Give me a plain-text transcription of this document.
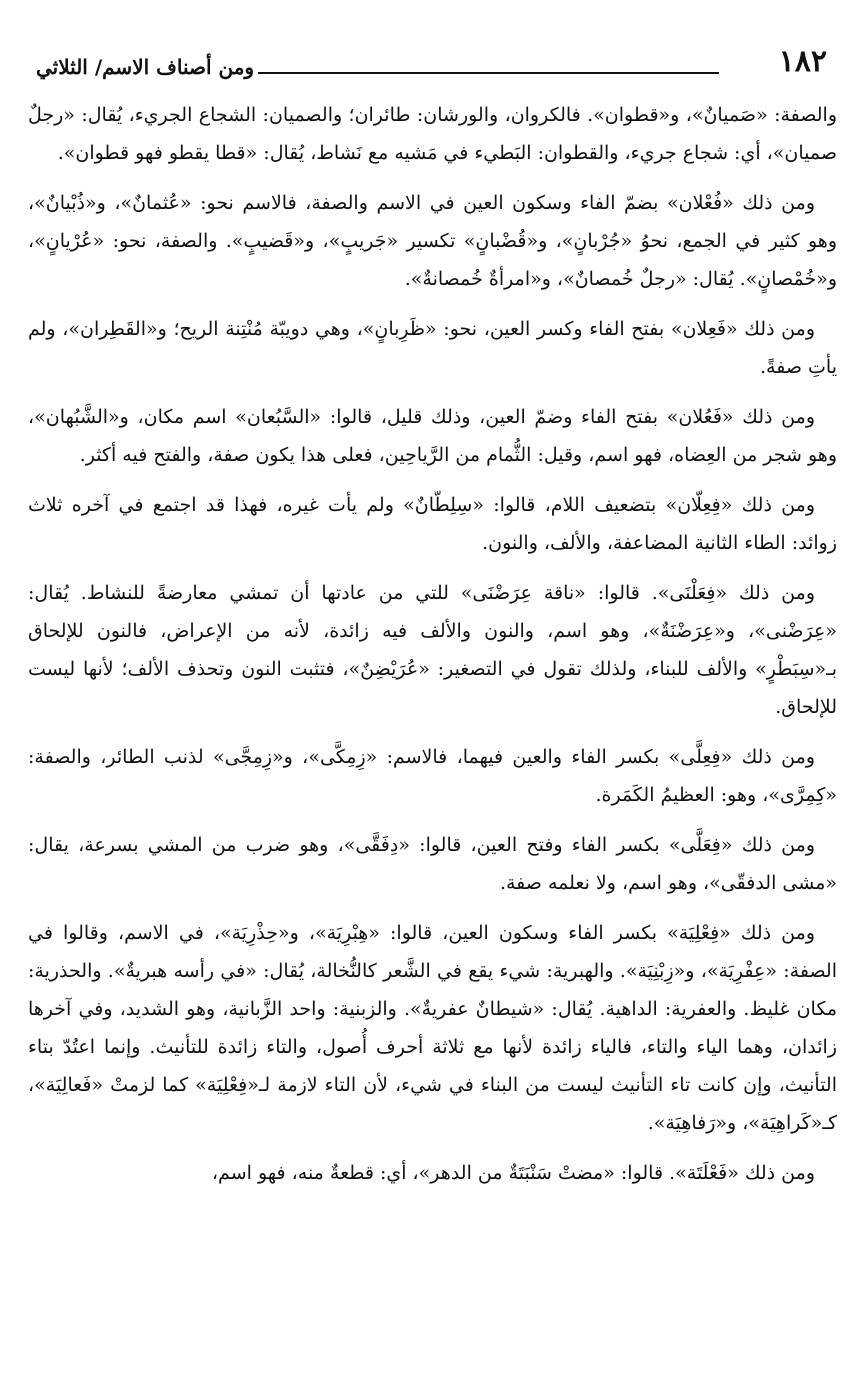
١٨٢
ومن أصناف الاسم/ الثلاثي

والصفة: «صَميانٌ»، و«قطوان». فالكروان، والورشان: طائران؛ والصميان: الشجاع الجريء، يُقال: «رجلٌ صميان»، أي: شجاع جريء، والقطوان: البَطيء في مَشيه مع نَشاط، يُقال: «قطا يقطو فهو قطوان».

ومن ذلك «فُعْلان» بضمّ الفاء وسكون العين في الاسم والصفة، فالاسم نحو: «عُثمانٌ»، و«ذُبْيانٌ»، وهو كثير في الجمع، نحوُ «جُرْبانٍ»، و«قُضْبانٍ» تكسير «جَريبٍ»، و«قَضيبٍ». والصفة، نحو: «عُرْيانٍ»، و«خُمْصانٍ». يُقال: «رجلٌ خُمصانٌ»، و«امرأةٌ خُمصانةٌ».

ومن ذلك «فَعِلان» بفتح الفاء وكسر العين، نحو: «ظَرِبانٍ»، وهي دويبّة مُنْتِنة الريح؛ و«القَطِران»، ولم يأتِ صفةً.

ومن ذلك «فَعُلان» بفتح الفاء وضمّ العين، وذلك قليل، قالوا: «السَّبُعان» اسم مكان، و«الشَّبُهان»، وهو شجر من العِضاه، فهو اسم، وقيل: الثُّمام من الرَّياحِين، فعلى هذا يكون صفة، والفتح فيه أكثر.

ومن ذلك «فِعِلّان» بتضعيف اللام، قالوا: «سِلِطّانٌ» ولم يأت غيره، فهذا قد اجتمع في آخره ثلاث زوائد: الطاء الثانية المضاعفة، والألف، والنون.

ومن ذلك «فِعَلْنَى». قالوا: «ناقة عِرَضْنَى» للتي من عادتها أن تمشي معارضةً للنشاط. يُقال: «عِرَضْنى»، و«عِرَضْنَةٌ»، وهو اسم، والنون والألف فيه زائدة، لأنه من الإعراض، فالنون للإلحاق بـ«سِبَطْرٍ» والألف للبناء، ولذلك تقول في التصغير: «عُرَيْضِنٌ»، فتثبت النون وتحذف الألف؛ لأنها ليست للإلحاق.

ومن ذلك «فِعِلَّى» بكسر الفاء والعين فيهما، فالاسم: «زِمِكَّى»، و«زِمِجَّى» لذنب الطائر، والصفة: «كِمِرَّى»، وهو: العظيمُ الكَمَرة.

ومن ذلك «فِعَلَّى» بكسر الفاء وفتح العين، قالوا: «دِفَقَّى»، وهو ضرب من المشي بسرعة، يقال: «مشى الدفقّى»، وهو اسم، ولا نعلمه صفة.

ومن ذلك «فِعْلِيَة» بكسر الفاء وسكون العين، قالوا: «هِبْرِيَة»، و«حِذْرِيَة»، في الاسم، وقالوا في الصفة: «عِفْرِيَة»، و«زِبْنِيَة». والهبرية: شيء يقع في الشَّعر كالنُّخالة، يُقال: «في رأسه هبريةٌ». والحذرية: مكان غليظ. والعفرية: الداهية. يُقال: «شيطانٌ عفريةٌ». والزبنية: واحد الزَّبانية، وهو الشديد، وفي آخرها زائدان، وهما الياء والتاء، فالياء زائدة لأنها مع ثلاثة أحرف أُصول، والتاء زائدة للتأنيث. وإنما اعتُدّ بتاء التأنيث، وإن كانت تاء التأنيث ليست من البناء في شيء، لأن التاء لازمة لـ«فِعْلِيَة» كما لزمتْ «فَعالِيَة»، كـ«كَراهِيَة»، و«رَفاهِيَة».

ومن ذلك «فَعْلَتَة». قالوا: «مضتْ سَنْبَتَةٌ من الدهر»، أي: قطعةٌ منه، فهو اسم،
